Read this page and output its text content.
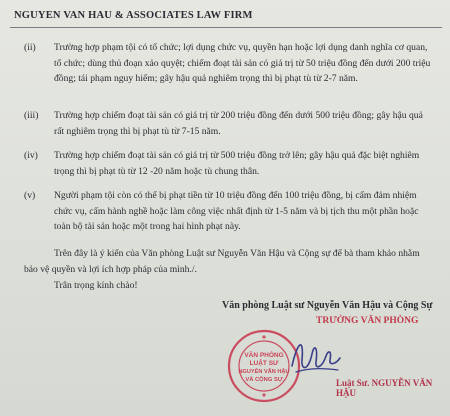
NGUYEN VAN HAU & ASSOCIATES LAW FIRM
(ii) Trường hợp phạm tội có tổ chức; lợi dụng chức vụ, quyền hạn hoặc lợi dụng danh nghĩa cơ quan, tổ chức; dùng thủ đoạn xảo quyệt; chiếm đoạt tài sản có giá trị từ 50 triệu đồng đến dưới 200 triệu đồng; tái phạm nguy hiểm; gây hậu quả nghiêm trọng thì bị phạt tù từ 2-7 năm.
(iii) Trường hợp chiếm đoạt tài sản có giá trị từ 200 triệu đồng đến dưới 500 triệu đồng; gây hậu quả rất nghiêm trọng thì bị phạt tù từ 7-15 năm.
(iv) Trường hợp chiếm đoạt tài sản có giá trị từ 500 triệu đồng trở lên; gây hậu quả đặc biệt nghiêm trọng thì bị phạt tù từ 12 -20 năm hoặc tù chung thân.
(v) Người phạm tội còn có thể bị phạt tiền từ 10 triệu đồng đến 100 triệu đồng, bị cấm đảm nhiệm chức vụ, cấm hành nghề hoặc làm công việc nhất định từ 1-5 năm và bị tịch thu một phần hoặc toàn bộ tài sản hoặc một trong hai hình phạt này.
Trên đây là ý kiến của Văn phòng Luật sư Nguyễn Văn Hậu và Cộng sự để bà tham khảo nhằm bảo vệ quyền và lợi ích hợp pháp của mình./.
Trân trọng kính chào!
Văn phòng Luật sư Nguyễn Văn Hậu và Cộng Sự
TRƯỞNG VĂN PHÒNG
VĂN PHÒNG
LUẬT SƯ
NGUYỄN VĂN HẬU
VÀ CỘNG SỰ	Luật Sư. NGUYỄN VĂN HẬU
